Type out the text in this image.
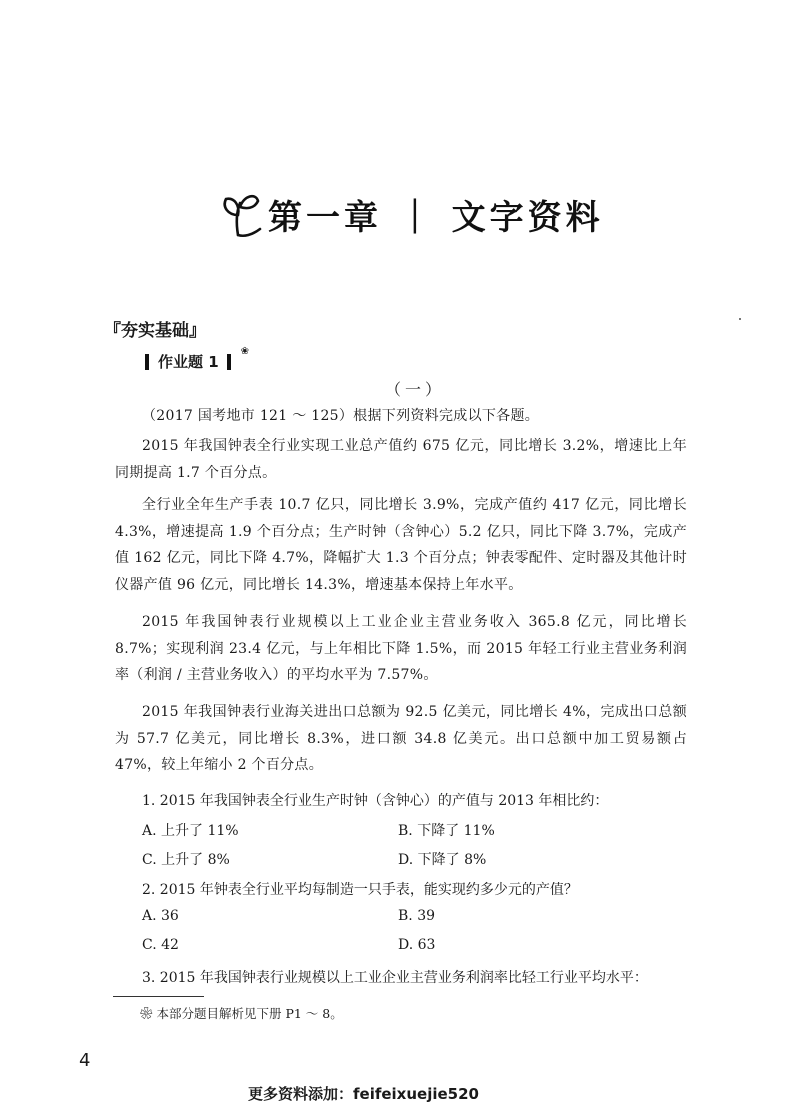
第一章 ｜ 文字资料
『夯实基础』
作业题 1
❀
（一）
（2017 国考地市 121 ～ 125）根据下列资料完成以下各题。
2015 年我国钟表全行业实现工业总产值约 675 亿元，同比增长 3.2%，增速比上年同期提高 1.7 个百分点。
全行业全年生产手表 10.7 亿只，同比增长 3.9%，完成产值约 417 亿元，同比增长 4.3%，增速提高 1.9 个百分点；生产时钟（含钟心）5.2 亿只，同比下降 3.7%，完成产值 162 亿元，同比下降 4.7%，降幅扩大 1.3 个百分点；钟表零配件、定时器及其他计时仪器产值 96 亿元，同比增长 14.3%，增速基本保持上年水平。
2015 年我国钟表行业规模以上工业企业主营业务收入 365.8 亿元，同比增长 8.7%；实现利润 23.4 亿元，与上年相比下降 1.5%，而 2015 年轻工行业主营业务利润率（利润 / 主营业务收入）的平均水平为 7.57%。
2015 年我国钟表行业海关进出口总额为 92.5 亿美元，同比增长 4%，完成出口总额为 57.7 亿美元，同比增长 8.3%，进口额 34.8 亿美元。出口总额中加工贸易额占 47%，较上年缩小 2 个百分点。
1. 2015 年我国钟表全行业生产时钟（含钟心）的产值与 2013 年相比约：
A. 上升了 11%	B. 下降了 11%
C. 上升了 8%	D. 下降了 8%
2. 2015 年钟表全行业平均每制造一只手表，能实现约多少元的产值？
A. 36	B. 39
C. 42	D. 63
3. 2015 年我国钟表行业规模以上工业企业主营业务利润率比轻工行业平均水平：
❀ 本部分题目解析见下册 P1 ～ 8。
4
更多资料添加：feifeixuejie520
